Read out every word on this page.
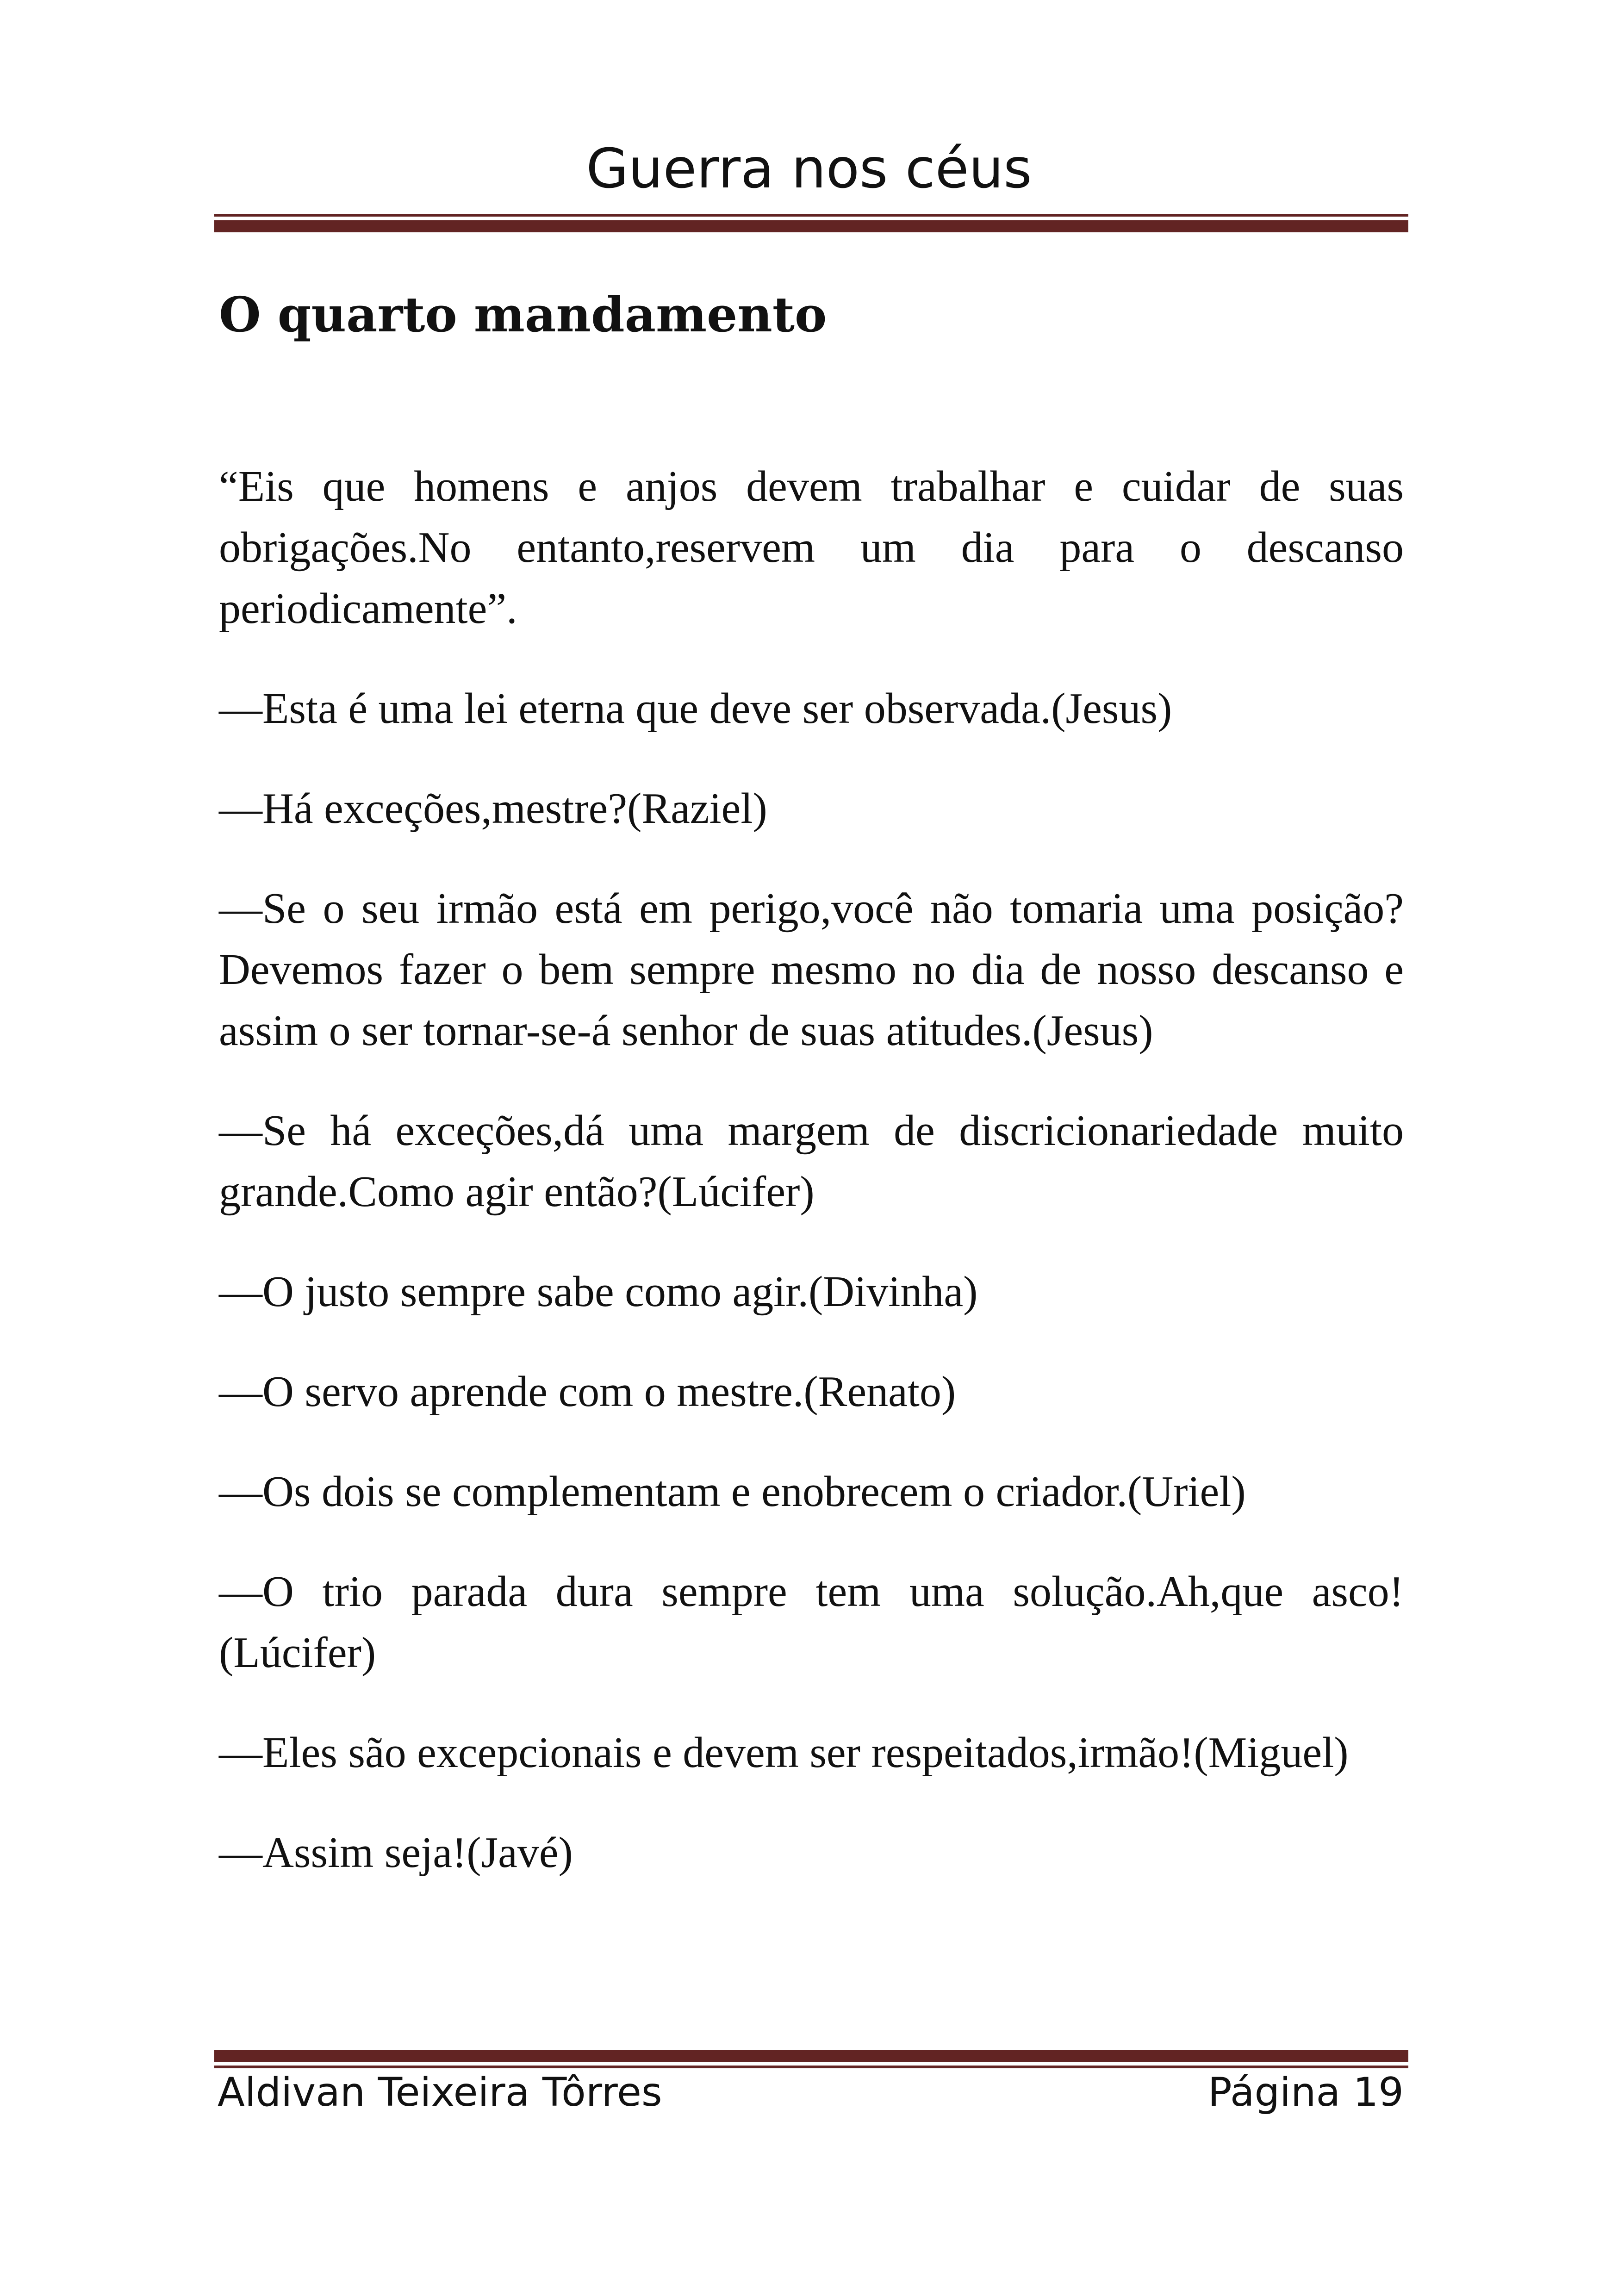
Guerra nos céus
O quarto mandamento

“Eis que homens e anjos devem trabalhar e cuidar de suas obrigações.No entanto,reservem um dia para o descanso periodicamente”.

—Esta é uma lei eterna que deve ser observada.(Jesus)

—Há exceções,mestre?(Raziel)

—Se o seu irmão está em perigo,você não tomaria uma posição?Devemos fazer o bem sempre mesmo no dia de nosso descanso e assim o ser tornar-se-á senhor de suas atitudes.(Jesus)

—Se há exceções,dá uma margem de discricionariedade muito grande.Como agir então?(Lúcifer)

—O justo sempre sabe como agir.(Divinha)

—O servo aprende com o mestre.(Renato)

—Os dois se complementam e enobrecem o criador.(Uriel)

—O trio parada dura sempre tem uma solução.Ah,que asco!(Lúcifer)

—Eles são excepcionais e devem ser respeitados,irmão!(Miguel)

—Assim seja!(Javé)

Aldivan Teixeira Tôrres	Página 19
